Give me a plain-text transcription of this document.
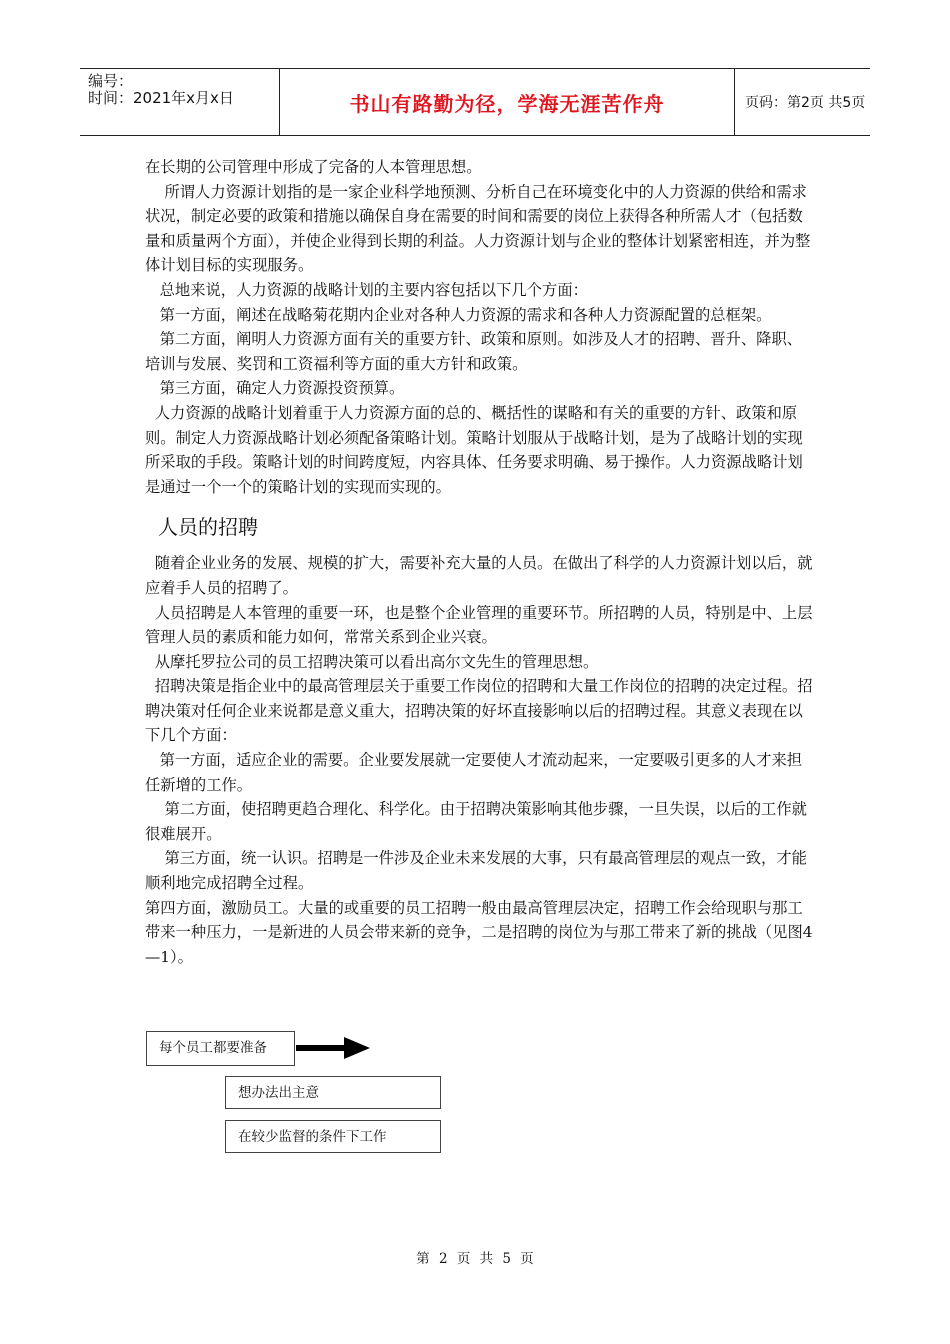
编号：
时间：2021年x月x日	书山有路勤为径，学海无涯苦作舟	页码：第2页 共5页

在长期的公司管理中形成了完备的人本管理思想。

所谓人力资源计划指的是一家企业科学地预测、分析自己在环境变化中的人力资源的供给和需求状况，制定必要的政策和措施以确保自身在需要的时间和需要的岗位上获得各种所需人才（包括数量和质量两个方面），并使企业得到长期的利益。人力资源计划与企业的整体计划紧密相连，并为整体计划目标的实现服务。

总地来说，人力资源的战略计划的主要内容包括以下几个方面：

第一方面，阐述在战略菊花期内企业对各种人力资源的需求和各种人力资源配置的总框架。

第二方面，阐明人力资源方面有关的重要方针、政策和原则。如涉及人才的招聘、晋升、降职、培训与发展、奖罚和工资福利等方面的重大方针和政策。

第三方面，确定人力资源投资预算。

人力资源的战略计划着重于人力资源方面的总的、概括性的谋略和有关的重要的方针、政策和原则。制定人力资源战略计划必须配备策略计划。策略计划服从于战略计划，是为了战略计划的实现所采取的手段。策略计划的时间跨度短，内容具体、任务要求明确、易于操作。人力资源战略计划是通过一个一个的策略计划的实现而实现的。

人员的招聘

随着企业业务的发展、规模的扩大，需要补充大量的人员。在做出了科学的人力资源计划以后，就应着手人员的招聘了。

人员招聘是人本管理的重要一环，也是整个企业管理的重要环节。所招聘的人员，特别是中、上层管理人员的素质和能力如何，常常关系到企业兴衰。

从摩托罗拉公司的员工招聘决策可以看出高尔文先生的管理思想。

招聘决策是指企业中的最高管理层关于重要工作岗位的招聘和大量工作岗位的招聘的决定过程。招聘决策对任何企业来说都是意义重大，招聘决策的好坏直接影响以后的招聘过程。其意义表现在以下几个方面：

第一方面，适应企业的需要。企业要发展就一定要使人才流动起来，一定要吸引更多的人才来担任新增的工作。

第二方面，使招聘更趋合理化、科学化。由于招聘决策影响其他步骤，一旦失误，以后的工作就很难展开。

第三方面，统一认识。招聘是一件涉及企业未来发展的大事，只有最高管理层的观点一致，才能顺利地完成招聘全过程。

第四方面，激励员工。大量的或重要的员工招聘一般由最高管理层决定，招聘工作会给现职与那工带来一种压力，一是新进的人员会带来新的竞争，二是招聘的岗位为与那工带来了新的挑战（见图4—1）。

每个员工都要准备
想办法出主意
在较少监督的条件下工作
第 2 页 共 5 页
